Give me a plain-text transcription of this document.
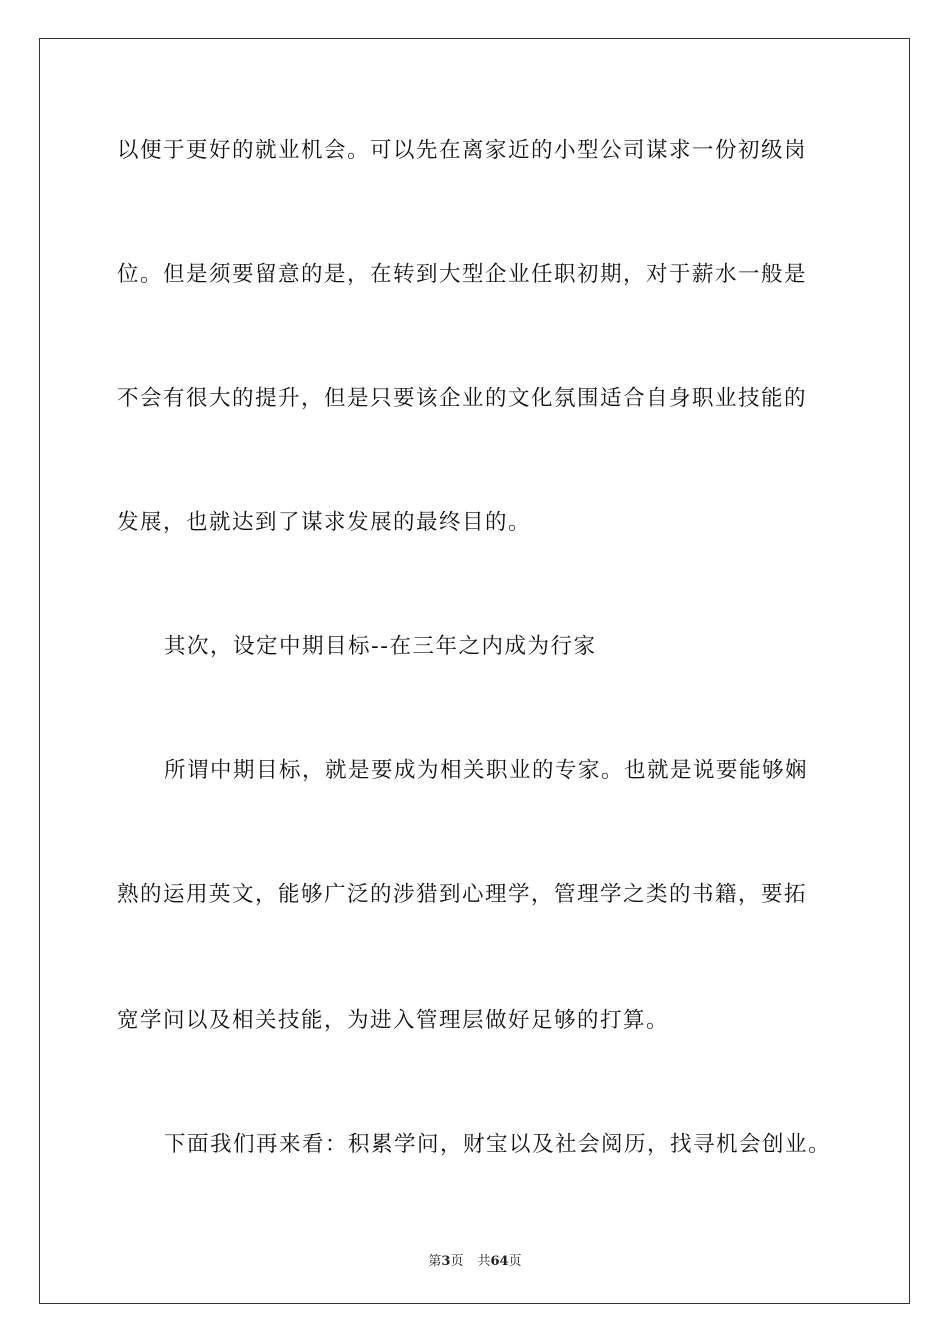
以便于更好的就业机会。可以先在离家近的小型公司谋求一份初级岗
位。但是须要留意的是，在转到大型企业任职初期，对于薪水一般是
不会有很大的提升，但是只要该企业的文化氛围适合自身职业技能的
发展，也就达到了谋求发展的最终目的。
其次，设定中期目标--在三年之内成为行家
所谓中期目标，就是要成为相关职业的专家。也就是说要能够娴
熟的运用英文，能够广泛的涉猎到心理学，管理学之类的书籍，要拓
宽学问以及相关技能，为进入管理层做好足够的打算。
下面我们再来看：积累学问，财宝以及社会阅历，找寻机会创业。
第3页 共64页
